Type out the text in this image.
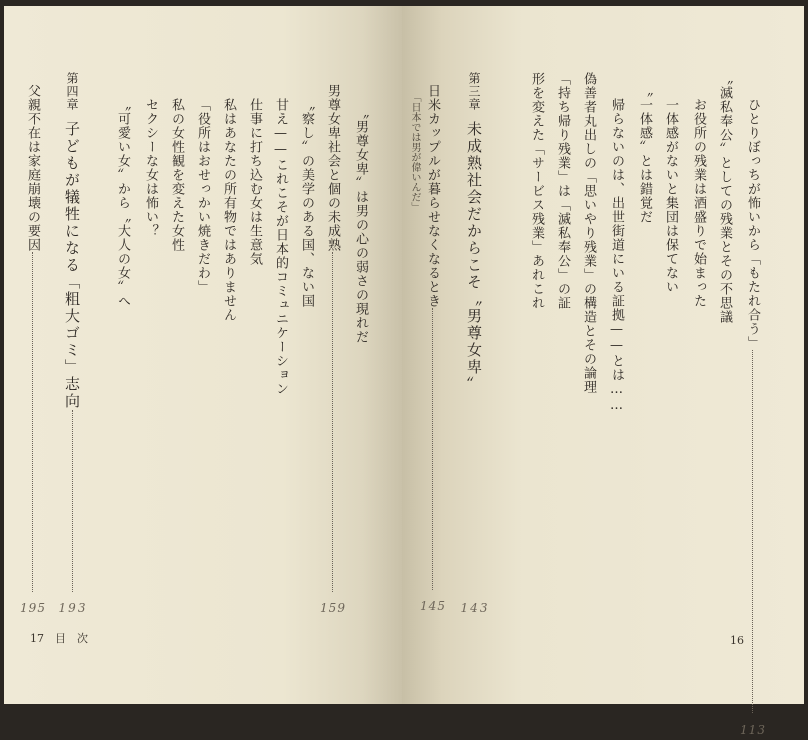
ひとりぼっちが怖いから「もたれ合う」
113
〝滅私奉公〟としての残業とその不思議
お役所の残業は酒盛りで始まった
一体感がないと集団は保てない
〝一体感〟とは錯覚だ
帰らないのは、出世街道にいる証拠——とは……
偽善者丸出しの「思いやり残業」の構造とその論理
「持ち帰り残業」は「滅私奉公」の証
形を変えた「サービス残業」あれこれ
第三章
未成熟社会だからこそ〝男尊女卑〟
143
日米カップルが暮らせなくなるとき
145
「日本では男が偉いんだ」
16
〝男尊女卑〟は男の心の弱さの現れだ
男尊女卑社会と個の未成熟
159
〝察し〟の美学のある国、ない国
甘え——これこそが日本的コミュニケーション
仕事に打ち込む女は生意気
私はあなたの所有物ではありません
「役所はおせっかい焼きだわ」
私の女性観を変えた女性
セクシーな女は怖い？
〝可愛い女〟から〝大人の女〟へ
第四章
子どもが犠牲になる「粗大ゴミ」志向
193
父親不在は家庭崩壊の要因
195
17　目　次
